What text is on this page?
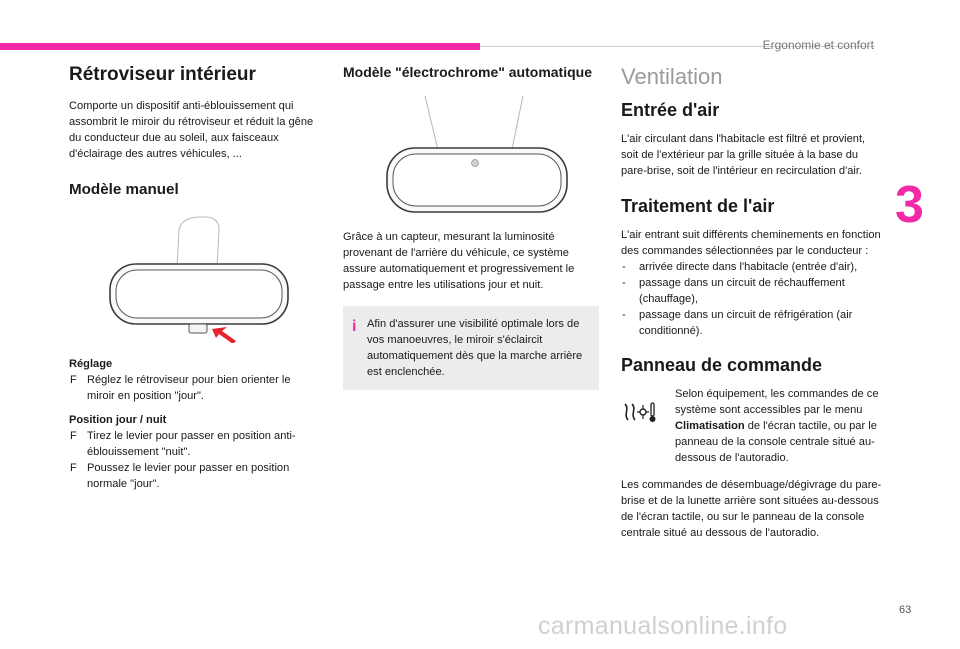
Ergonomie et confort
3
63
carmanualsonline.info
Rétroviseur intérieur

Comporte un dispositif anti-éblouissement qui assombrit le miroir du rétroviseur et réduit la gêne du conducteur due au soleil, aux faisceaux d'éclairage des autres véhicules, ...

Modèle manuel
Réglage
F Réglez le rétroviseur pour bien orienter le miroir en position "jour".
Position jour / nuit
F Tirez le levier pour passer en position anti-éblouissement "nuit".
F Poussez le levier pour passer en position normale "jour".
Modèle "électrochrome" automatique

Grâce à un capteur, mesurant la luminosité provenant de l'arrière du véhicule, ce système assure automatiquement et progressivement le passage entre les utilisations jour et nuit.

i Afin d'assurer une visibilité optimale lors de vos manoeuvres, le miroir s'éclaircit automatiquement dès que la marche arrière est enclenchée.

Ventilation
Entrée d'air

L'air circulant dans l'habitacle est filtré et provient, soit de l'extérieur par la grille située à la base du pare-brise, soit de l'intérieur en recirculation d'air.

Traitement de l'air

L'air entrant suit différents cheminements en fonction des commandes sélectionnées par le conducteur :

- arrivée directe dans l'habitacle (entrée d'air),
- passage dans un circuit de réchauffement (chauffage),
- passage dans un circuit de réfrigération (air conditionné).
Panneau de commande

Selon équipement, les commandes de ce système sont accessibles par le menu Climatisation de l'écran tactile, ou par le panneau de la console centrale situé au-dessous de l'autoradio.

Les commandes de désembuage/dégivrage du pare-brise et de la lunette arrière sont situées au-dessous de l'écran tactile, ou sur le panneau de la console centrale situé au dessous de l'autoradio.
